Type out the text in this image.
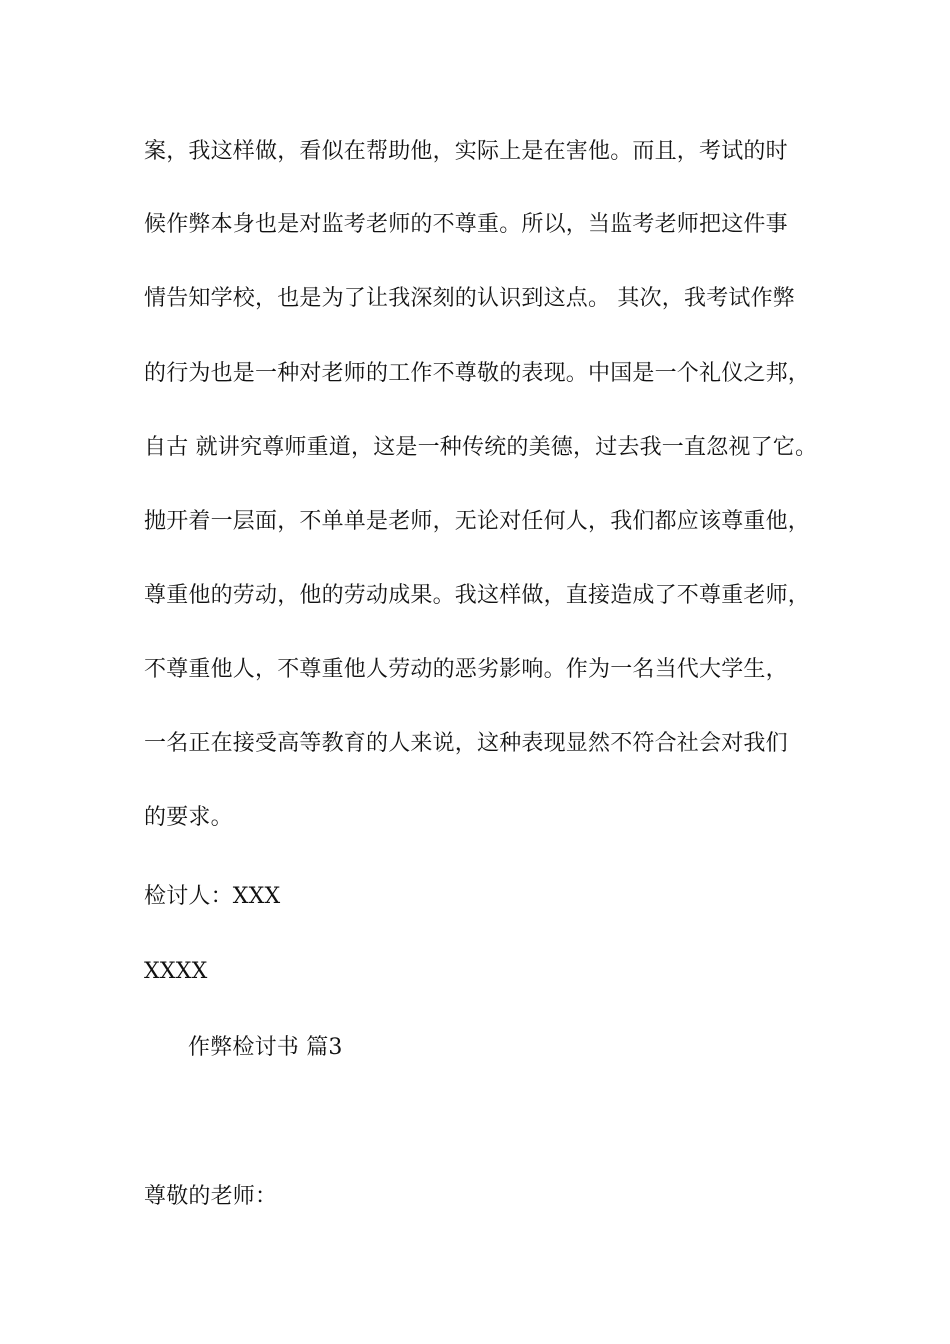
案，我这样做，看似在帮助他，实际上是在害他。而且，考试的时
候作弊本身也是对监考老师的不尊重。所以，当监考老师把这件事
情告知学校，也是为了让我深刻的认识到这点。 其次，我考试作弊
的行为也是一种对老师的工作不尊敬的表现。中国是一个礼仪之邦，
自古 就讲究尊师重道，这是一种传统的美德，过去我一直忽视了它。
抛开着一层面，不单单是老师，无论对任何人，我们都应该尊重他，
尊重他的劳动，他的劳动成果。我这样做，直接造成了不尊重老师，
不尊重他人，不尊重他人劳动的恶劣影响。作为一名当代大学生，
一名正在接受高等教育的人来说，这种表现显然不符合社会对我们
的要求。
检讨人：XXX
XXXX
作弊检讨书 篇3
尊敬的老师：
